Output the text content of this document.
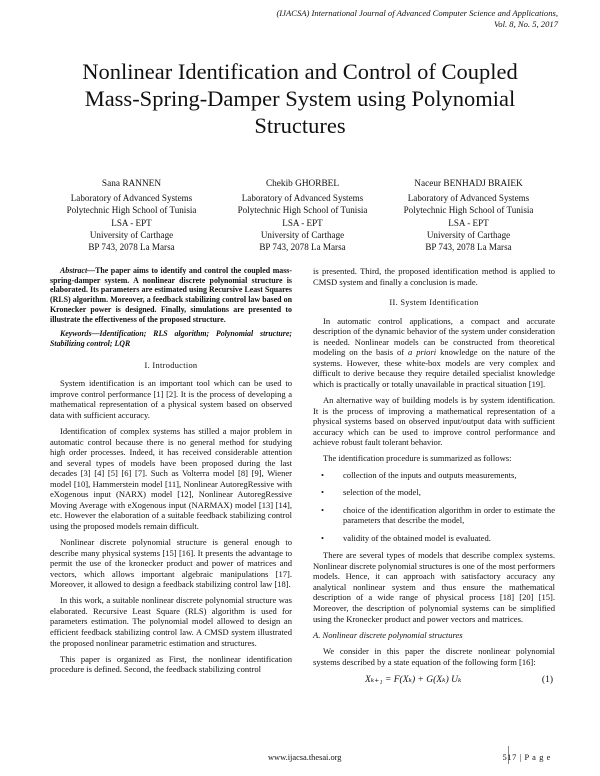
(IJACSA) International Journal of Advanced Computer Science and Applications,
Vol. 8, No. 5, 2017
Nonlinear Identification and Control of Coupled
Mass-Spring-Damper System using Polynomial
Structures
Sana RANNEN
Laboratory of Advanced Systems
Polytechnic High School of Tunisia
LSA - EPT
University of Carthage
BP 743, 2078 La Marsa
Chekib GHORBEL
Laboratory of Advanced Systems
Polytechnic High School of Tunisia
LSA - EPT
University of Carthage
BP 743, 2078 La Marsa
Naceur BENHADJ BRAIEK
Laboratory of Advanced Systems
Polytechnic High School of Tunisia
LSA - EPT
University of Carthage
BP 743, 2078 La Marsa

Abstract—The paper aims to identify and control the coupled mass-spring-damper system. A nonlinear discrete polynomial structure is elaborated. Its parameters are estimated using Recursive Least Squares (RLS) algorithm. Moreover, a feedback stabilizing control law based on Kronecker power is designed. Finally, simulations are presented to illustrate the effectiveness of the proposed structure.

Keywords—Identification; RLS algorithm; Polynomial structure; Stabilizing control; LQR

I. Introduction

System identification is an important tool which can be used to improve control performance [1] [2]. It is the process of developing a mathematical representation of a physical system based on observed data with sufficient accuracy.

Identification of complex systems has stilled a major problem in automatic control because there is no general method for studying high order processes. Indeed, it has received considerable attention and several types of models have been proposed during the last decades [3] [4] [5] [6] [7]. Such as Volterra model [8] [9], Wiener model [10], Hammerstein model [11], Nonlinear AutoregRessive with eXogenous input (NARX) model [12], Nonlinear AutoregRessive Moving Average with eXogenous input (NARMAX) model [13] [14], etc. However the elaboration of a suitable feedback stabilizing control using the proposed models remain difficult.

Nonlinear discrete polynomial structure is general enough to describe many physical systems [15] [16]. It presents the advantage to permit the use of the kronecker product and power of matrices and vectors, which allows important algebraic manipulations [17]. Moreover, it allowed to design a feedback stabilizing control law [18].

In this work, a suitable nonlinear discrete polynomial structure was elaborated. Recursive Least Square (RLS) algorithm is used for parameters estimation. The polynomial model allowed to design an efficient feedback stabilizing control law. A CMSD system illustrated the proposed nonlinear parametric estimation and structures.

This paper is organized as First, the nonlinear identification procedure is defined. Second, the feedback stabilizing control

is presented. Third, the proposed identification method is applied to CMSD system and finally a conclusion is made.

II. System Identification

In automatic control applications, a compact and accurate description of the dynamic behavior of the system under consideration is needed. Nonlinear models can be constructed from theoretical modeling on the basis of a priori knowledge on the nature of the systems. However, these white-box models are very complex and difficult to derive because they require detailed specialist knowledge which is practically or totally unavailable in practical situation [19].

An alternative way of building models is by system identification. It is the process of improving a mathematical representation of a physical systems based on observed input/output data with sufficient accuracy which can be used to improve control performance and achieve robust fault tolerant behavior.

The identification procedure is summarized as follows:

• collection of the inputs and outputs measurements,
• selection of the model,
• choice of the identification algorithm in order to estimate the parameters that describe the model,
• validity of the obtained model is evaluated.

There are several types of models that describe complex systems. Nonlinear discrete polynomial structures is one of the most performers models. Hence, it can approach with satisfactory accuracy any analytical nonlinear system and thus ensure the mathematical description of a wide range of physical process [18] [20] [15]. Moreover, the description of polynomial systems can be simplified using the Kronecker product and power vectors and matrices.

A. Nonlinear discrete polynomial structures

We consider in this paper the discrete nonlinear polynomial systems described by a state equation of the following form [16]:

Xₖ₊₁ = F(Xₖ) + G(Xₖ) Uₖ	(1)
www.ijacsa.thesai.org	517 | P a g e
